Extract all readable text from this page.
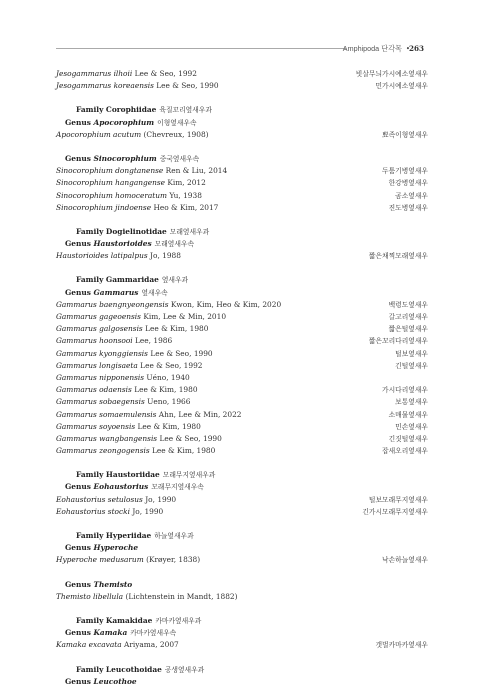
Amphipoda 단각목 •
263
Jesogammarus ilhoii Lee & Seo, 1992	빗살무늬가시예소옆새우
Jesogammarus koreaensis Lee & Seo, 1990	민가시예소옆새우
Family Corophiidae 육질꼬리옆새우과
Genus Apocorophium 이형옆새우속
Apocorophium acutum (Chevreux, 1908)	뾰족이형옆새우
Genus Sinocorophium 중국옆새우속
Sinocorophium dongtanense Ren & Liu, 2014	두툼기병옆새우
Sinocorophium hangangense Kim, 2012	한강병옆새우
Sinocorophium homoceratum Yu, 1938	곰소옆새우
Sinocorophium jindoense Heo & Kim, 2017	진도병옆새우
Family Dogielinotidae 모래옆새우과
Genus Haustorioides 모래옆새우속
Haustorioides latipalpus Jo, 1988	짧은채찍모래옆새우
Family Gammaridae 옆새우과
Genus Gammarus 옆새우속
Gammarus baengnyeongensis Kwon, Kim, Heo & Kim, 2020	백령도옆새우
Gammarus gageoensis Kim, Lee & Min, 2010	갈고리옆새우
Gammarus galgosensis Lee & Kim, 1980	짧은털옆새우
Gammarus hoonsooi Lee, 1986	짧은꼬리다리옆새우
Gammarus kyonggiensis Lee & Seo, 1990	털보옆새우
Gammarus longisaeta Lee & Seo, 1992	긴털옆새우
Gammarus nipponensis Uéno, 1940
Gammarus odaensis Lee & Kim, 1980	가시다리옆새우
Gammarus sobaegensis Ueno, 1966	보통옆새우
Gammarus somaemulensis Ahn, Lee & Min, 2022	소매물옆새우
Gammarus soyoensis Lee & Kim, 1980	민손옆새우
Gammarus wangbangensis Lee & Seo, 1990	긴짓털옆새우
Gammarus zeongogensis Lee & Kim, 1980	잡새오리옆새우
Family Haustoriidae 모래무지옆새우과
Genus Eohaustorius 모래무지옆새우속
Eohaustorius setulosus Jo, 1990	털보모래무지옆새우
Eohaustorius stocki Jo, 1990	긴가시모래무지옆새우
Family Hyperiidae 하늘옆새우과
Genus Hyperoche
Hyperoche medusarum (Krøyer, 1838)	낙손하늘옆새우
Genus Themisto
Themisto libellula (Lichtenstein in Mandt, 1882)
Family Kamakidae 카마카옆새우과
Genus Kamaka 카마카옆새우속
Kamaka excavata Ariyama, 2007	갯벌카마카옆새우
Family Leucothoidae 공생옆새우과
Genus Leucothoe
